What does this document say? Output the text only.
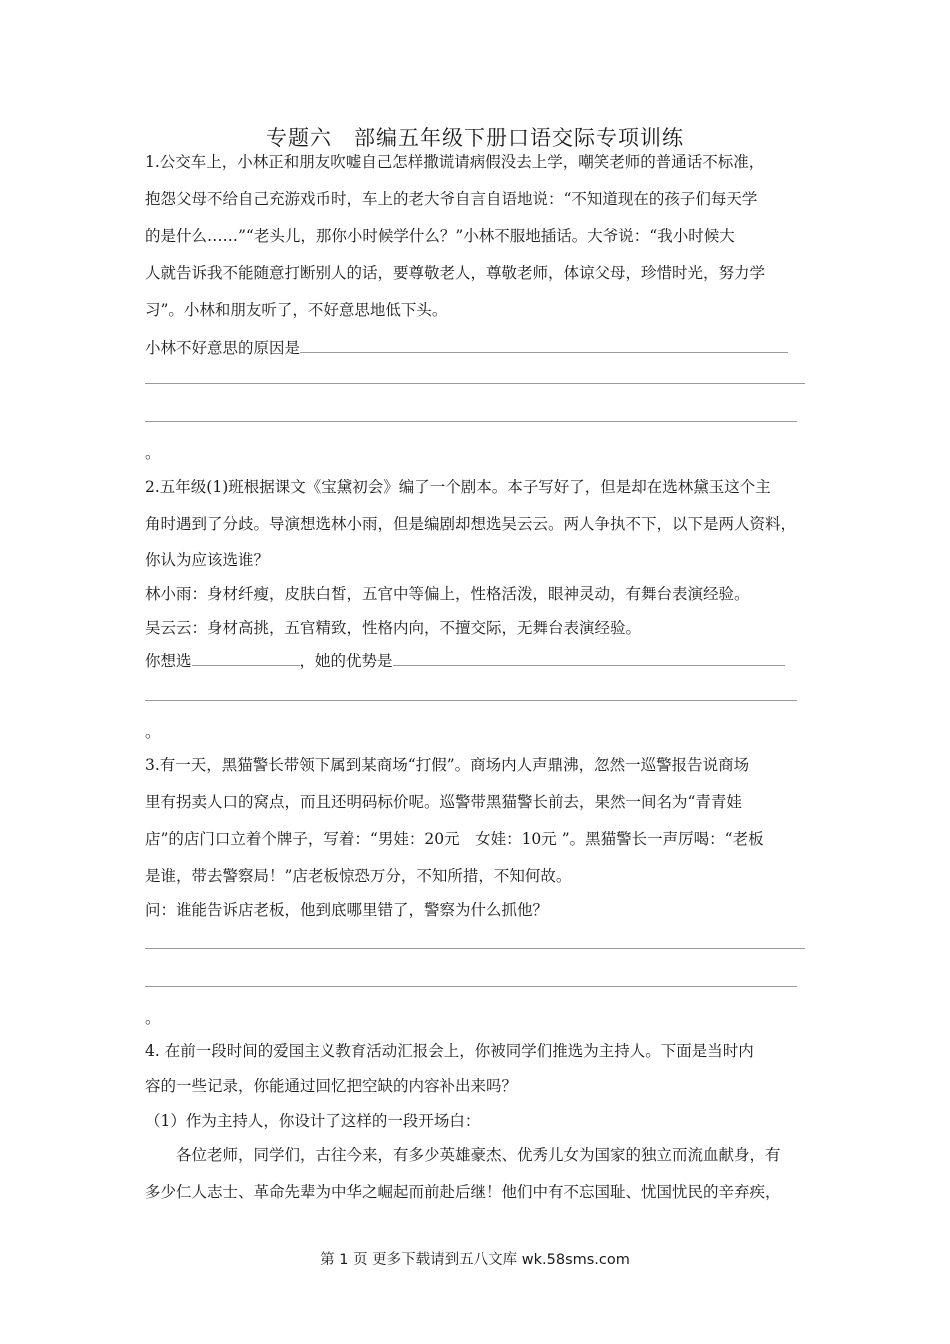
专题六　部编五年级下册口语交际专项训练
1.公交车上，小林正和朋友吹嘘自己怎样撒谎请病假没去上学，嘲笑老师的普通话不标准，
抱怨父母不给自己充游戏币时，车上的老大爷自言自语地说：“不知道现在的孩子们每天学
的是什么……”“老头儿，那你小时候学什么？”小林不服地插话。大爷说：“我小时候大
人就告诉我不能随意打断别人的话，要尊敬老人，尊敬老师，体谅父母，珍惜时光，努力学
习”。小林和朋友听了，不好意思地低下头。
小林不好意思的原因是
。
2.五年级(1)班根据课文《宝黛初会》编了一个剧本。本子写好了，但是却在选林黛玉这个主
角时遇到了分歧。导演想选林小雨，但是编剧却想选吴云云。两人争执不下，以下是两人资料，
你认为应该选谁？
林小雨：身材纤瘦，皮肤白皙，五官中等偏上，性格活泼，眼神灵动，有舞台表演经验。
吴云云：身材高挑，五官精致，性格内向，不擅交际，无舞台表演经验。
你想选	，她的优势是
。
3.有一天，黑猫警长带领下属到某商场“打假”。商场内人声鼎沸，忽然一巡警报告说商场
里有拐卖人口的窝点，而且还明码标价呢。巡警带黑猫警长前去，果然一间名为“青青娃
店”的店门口立着个牌子，写着：“男娃：20元　女娃：10元 ”。黑猫警长一声厉喝：“老板
是谁，带去警察局！”店老板惊恐万分，不知所措，不知何故。
问：谁能告诉店老板，他到底哪里错了，警察为什么抓他？
。
4. 在前一段时间的爱国主义教育活动汇报会上，你被同学们推选为主持人。下面是当时内
容的一些记录，你能通过回忆把空缺的内容补出来吗？
（1）作为主持人，你设计了这样的一段开场白：
　　各位老师，同学们，古往今来，有多少英雄豪杰、优秀儿女为国家的独立而流血献身，有
多少仁人志士、革命先辈为中华之崛起而前赴后继！他们中有不忘国耻、忧国忧民的辛弃疾，
第 1 页 更多下载请到五八文库 wk.58sms.com
